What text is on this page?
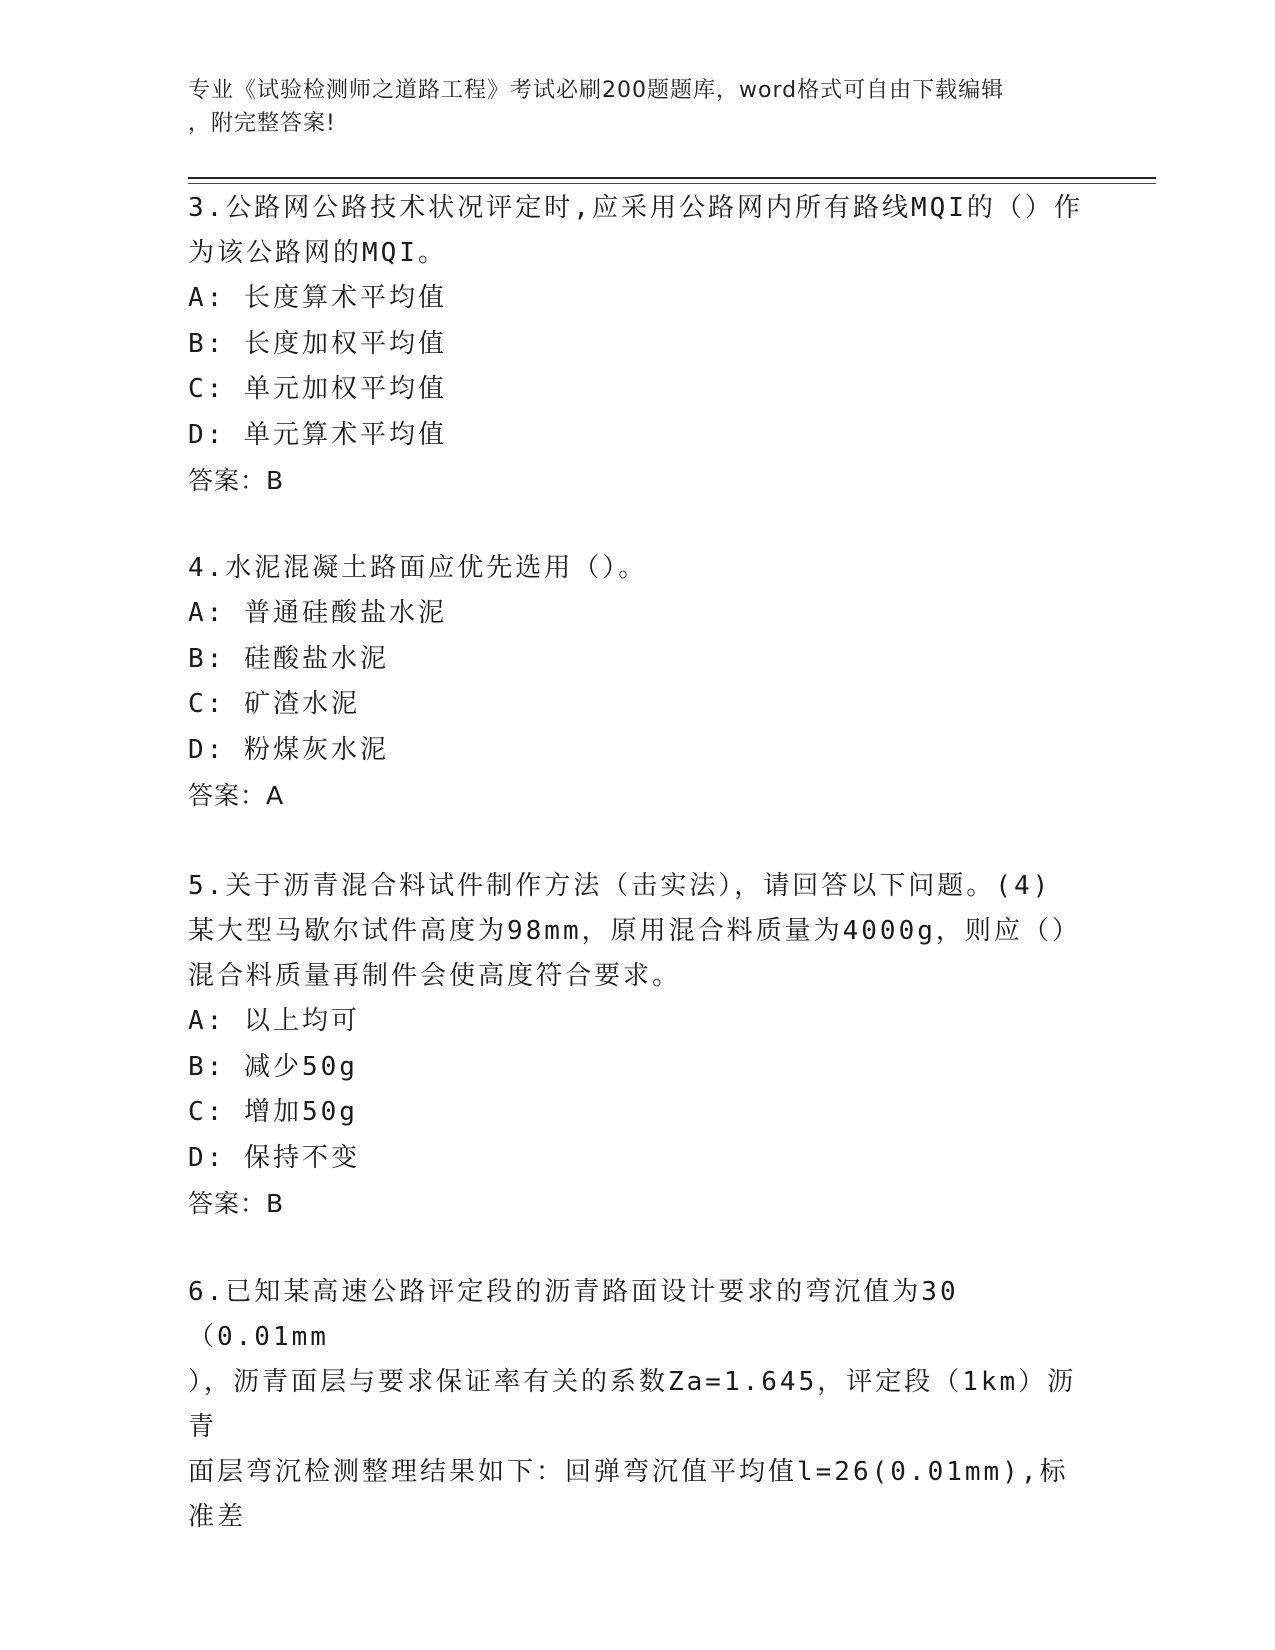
专业《试验检测师之道路工程》考试必刷200题题库，word格式可自由下载编辑
，附完整答案!

3.公路网公路技术状况评定时,应采用公路网内所有路线MQI的（）作

为该公路网的MQI。

A: 长度算术平均值

B: 长度加权平均值

C: 单元加权平均值

D: 单元算术平均值

答案：B

4.水泥混凝土路面应优先选用（）。

A: 普通硅酸盐水泥

B: 硅酸盐水泥

C: 矿渣水泥

D: 粉煤灰水泥

答案：A

5.关于沥青混合料试件制作方法（击实法），请回答以下问题。(4)

某大型马歇尔试件高度为98mm，原用混合料质量为4000g，则应（）

混合料质量再制件会使高度符合要求。

A: 以上均可

B: 减少50g

C: 增加50g

D: 保持不变

答案：B

6.已知某高速公路评定段的沥青路面设计要求的弯沉值为30（0.01mm

），沥青面层与要求保证率有关的系数Za=1.645，评定段（1km）沥青

面层弯沉检测整理结果如下：回弹弯沉值平均值l=26(0.01mm),标准差
